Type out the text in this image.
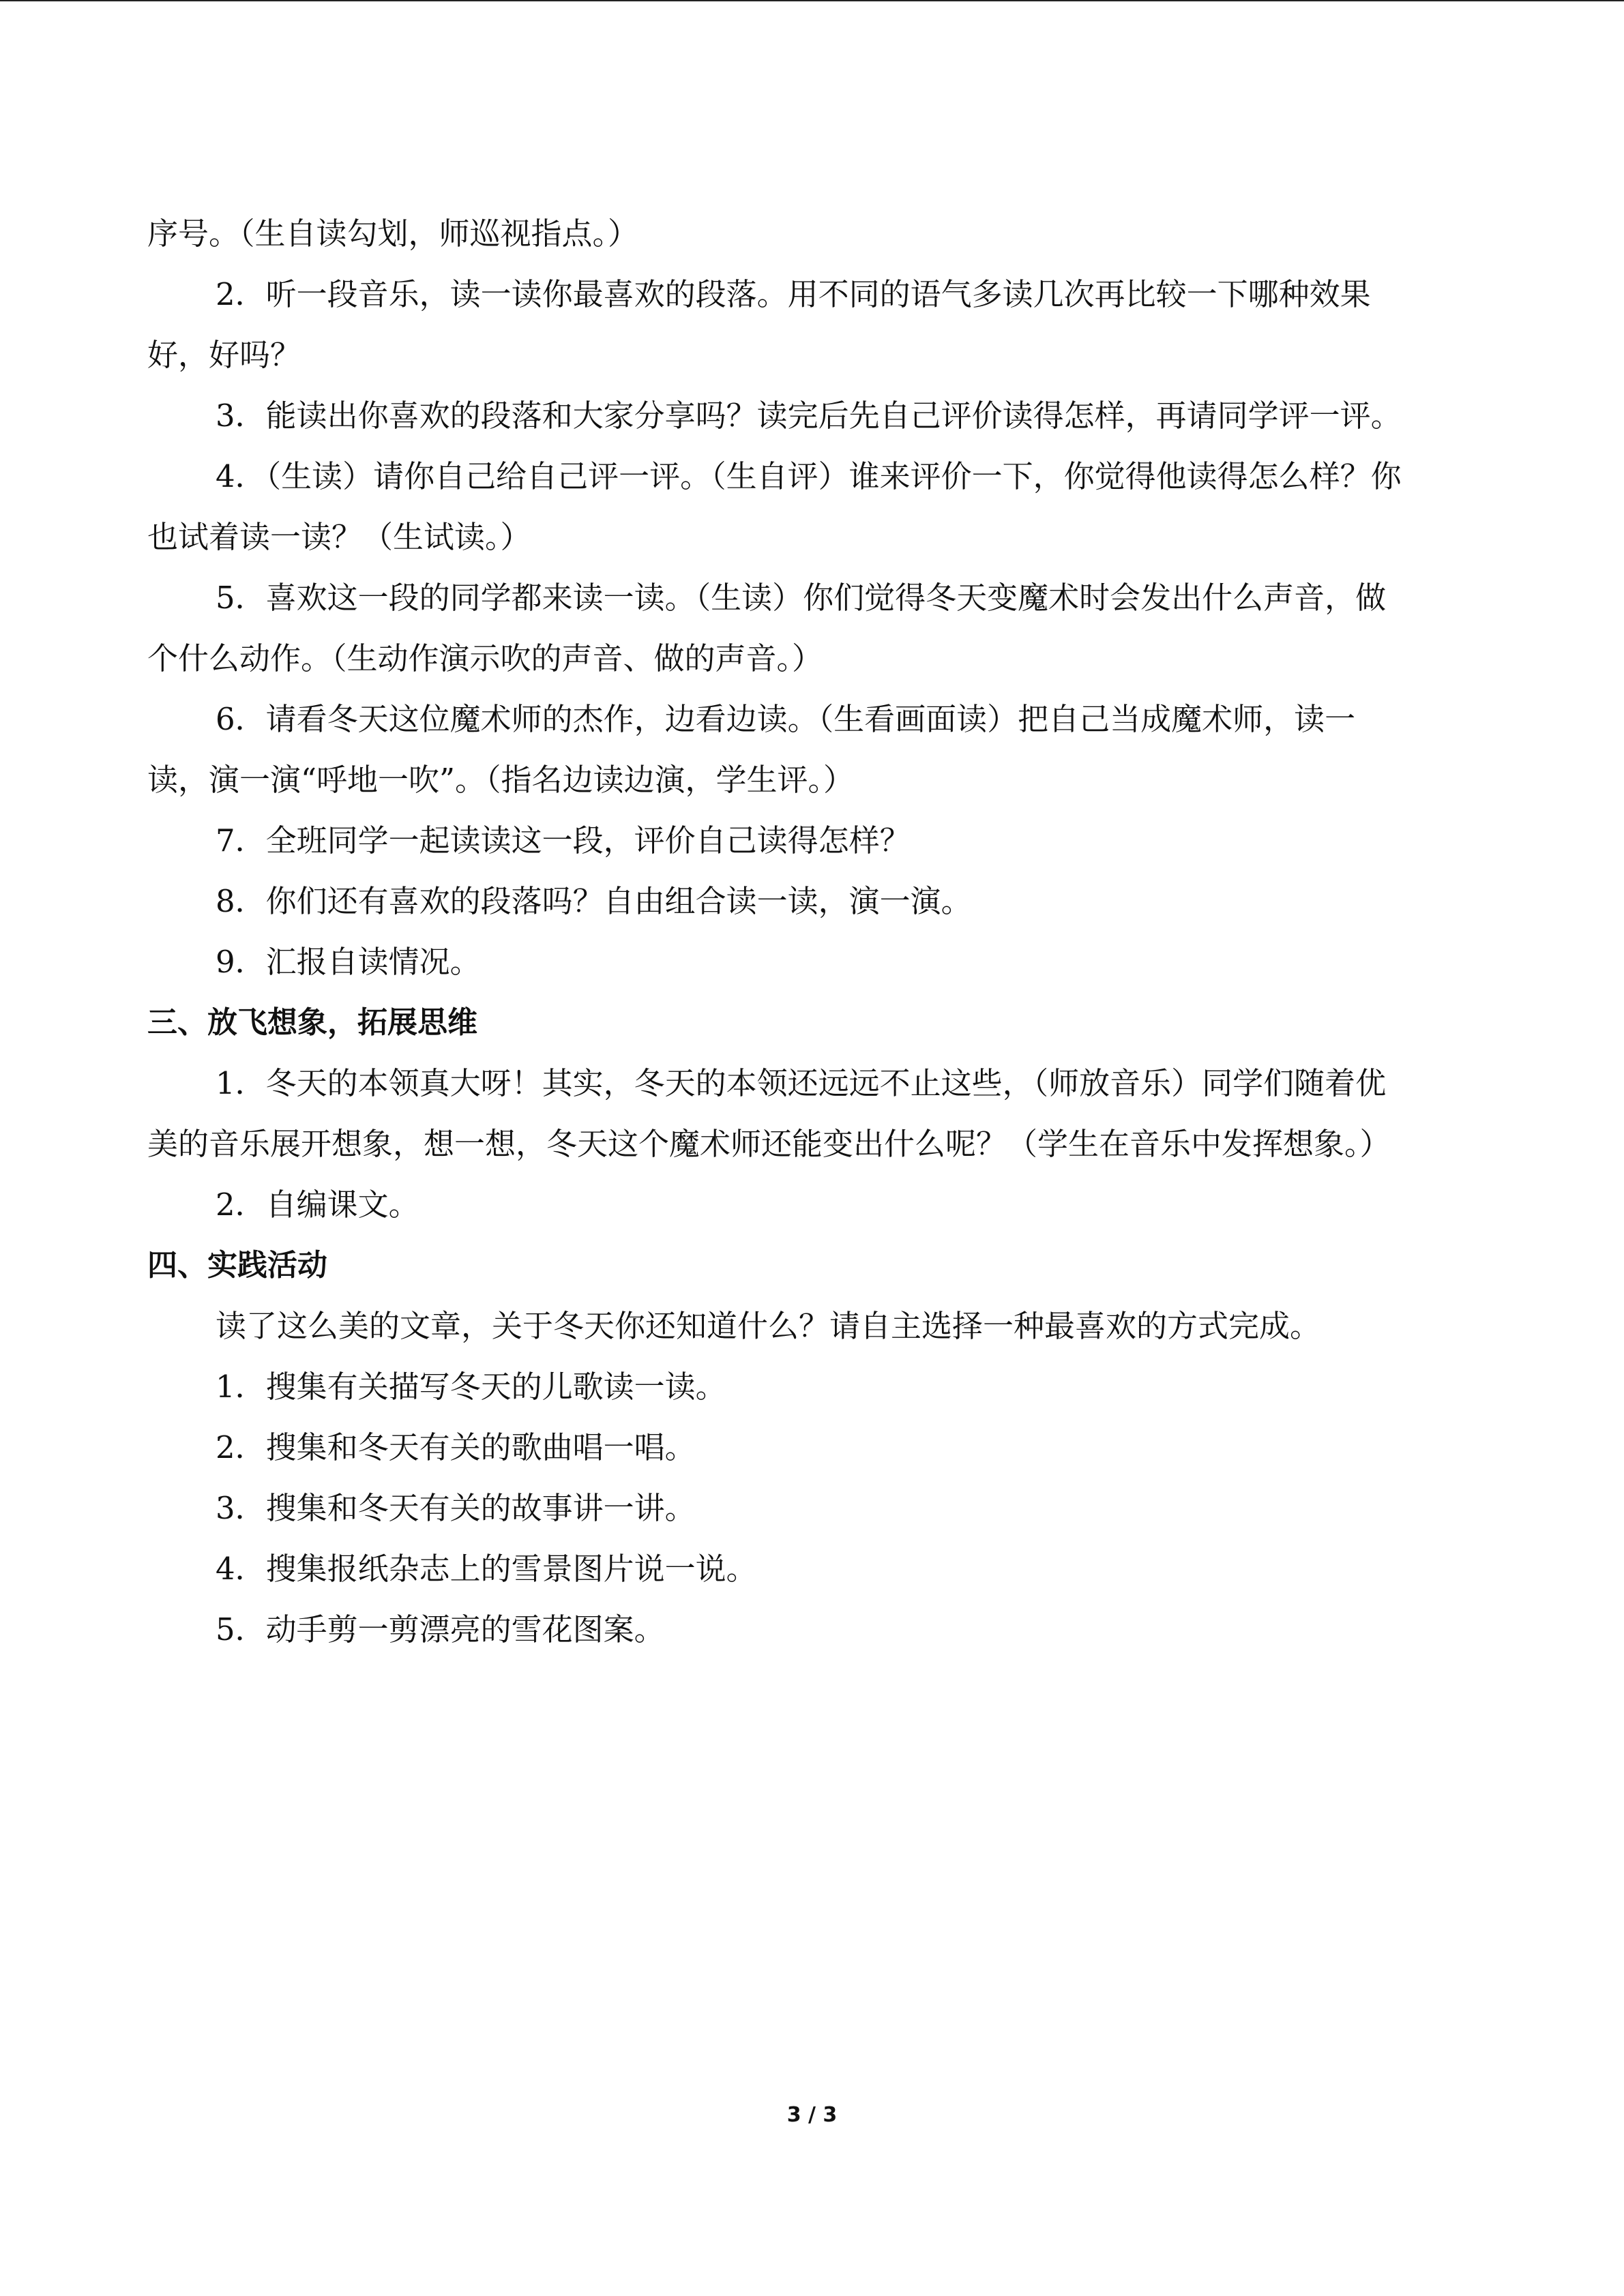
序号。（生自读勾划，师巡视指点。）
2．听一段音乐，读一读你最喜欢的段落。用不同的语气多读几次再比较一下哪种效果
好，好吗？
3．能读出你喜欢的段落和大家分享吗？读完后先自己评价读得怎样，再请同学评一评。
4．（生读）请你自己给自己评一评。（生自评）谁来评价一下，你觉得他读得怎么样？你
也试着读一读？（生试读。）
5．喜欢这一段的同学都来读一读。（生读）你们觉得冬天变魔术时会发出什么声音，做
个什么动作。（生动作演示吹的声音、做的声音。）
6．请看冬天这位魔术师的杰作，边看边读。（生看画面读）把自己当成魔术师，读一
读，演一演“呼地一吹”。（指名边读边演，学生评。）
7．全班同学一起读读这一段，评价自己读得怎样？
8．你们还有喜欢的段落吗？自由组合读一读，演一演。
9．汇报自读情况。
三、放飞想象，拓展思维
1．冬天的本领真大呀！其实，冬天的本领还远远不止这些，（师放音乐）同学们随着优
美的音乐展开想象，想一想，冬天这个魔术师还能变出什么呢？（学生在音乐中发挥想象。）
2．自编课文。
四、实践活动
读了这么美的文章，关于冬天你还知道什么？请自主选择一种最喜欢的方式完成。
1．搜集有关描写冬天的儿歌读一读。
2．搜集和冬天有关的歌曲唱一唱。
3．搜集和冬天有关的故事讲一讲。
4．搜集报纸杂志上的雪景图片说一说。
5．动手剪一剪漂亮的雪花图案。
3 / 3
